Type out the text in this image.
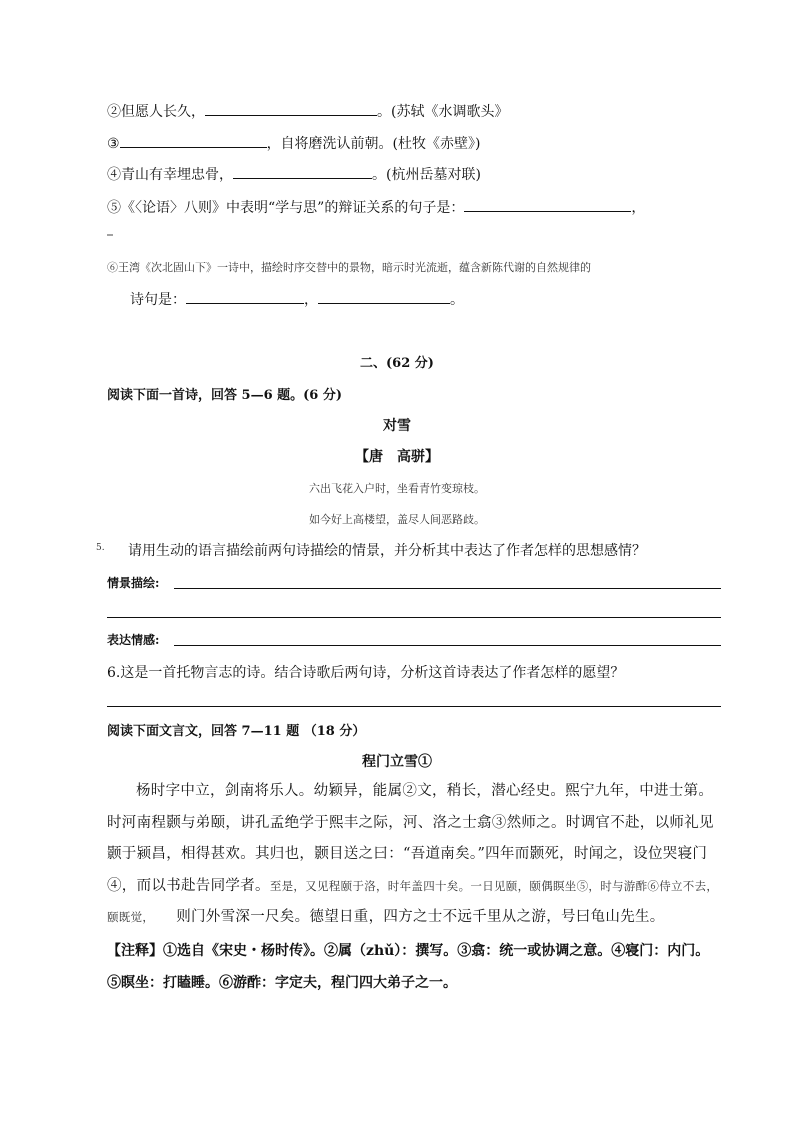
②但愿人长久，	。(苏轼《水调歌头》
③	，自将磨洗认前朝。(杜牧《赤壁》)
④青山有幸埋忠骨，	。(杭州岳墓对联)
⑤《〈论语〉八则》中表明“学与思”的辩证关系的句子是：	，
‗
⑥王湾《次北固山下》一诗中，描绘时序交替中的景物，暗示时光流逝，蕴含新陈代谢的自然规律的
诗句是：	，	。
二、(62 分)
阅读下面一首诗，回答 5—6 题。(6 分)
对雪
【唐　高骈】
六出飞花入户时，坐看青竹变琼枝。
如今好上高楼望，盖尽人间恶路歧。
5. 请用生动的语言描绘前两句诗描绘的情景，并分析其中表达了作者怎样的思想感情？
情景描绘:
表达情感:
6.这是一首托物言志的诗。结合诗歌后两句诗，分析这首诗表达了作者怎样的愿望？
阅读下面文言文，回答 7—11 题 （18 分）
程门立雪①
杨时字中立，剑南将乐人。幼颖异，能属②文，稍长，潜心经史。熙宁九年，中进士第。时河南程颢与弟颐，讲孔孟绝学于熙丰之际，河、洛之士翕③然师之。时调官不赴，以师礼见颢于颍昌，相得甚欢。其归也，颢目送之曰：“吾道南矣。”四年而颢死，时闻之，设位哭寝门④，而以书赴告同学者。至是，又见程颐于洛，时年盖四十矣。一日见颐，颐偶瞑坐⑤，时与游酢⑥侍立不去，颐既觉， 则门外雪深一尺矣。德望日重，四方之士不远千里从之游，号曰龟山先生。
【注释】①选自《宋史・杨时传》。②属（zhǔ）：撰写。③翕：统一或协调之意。④寝门：内门。
⑤瞑坐：打瞌睡。⑥游酢：字定夫，程门四大弟子之一。
